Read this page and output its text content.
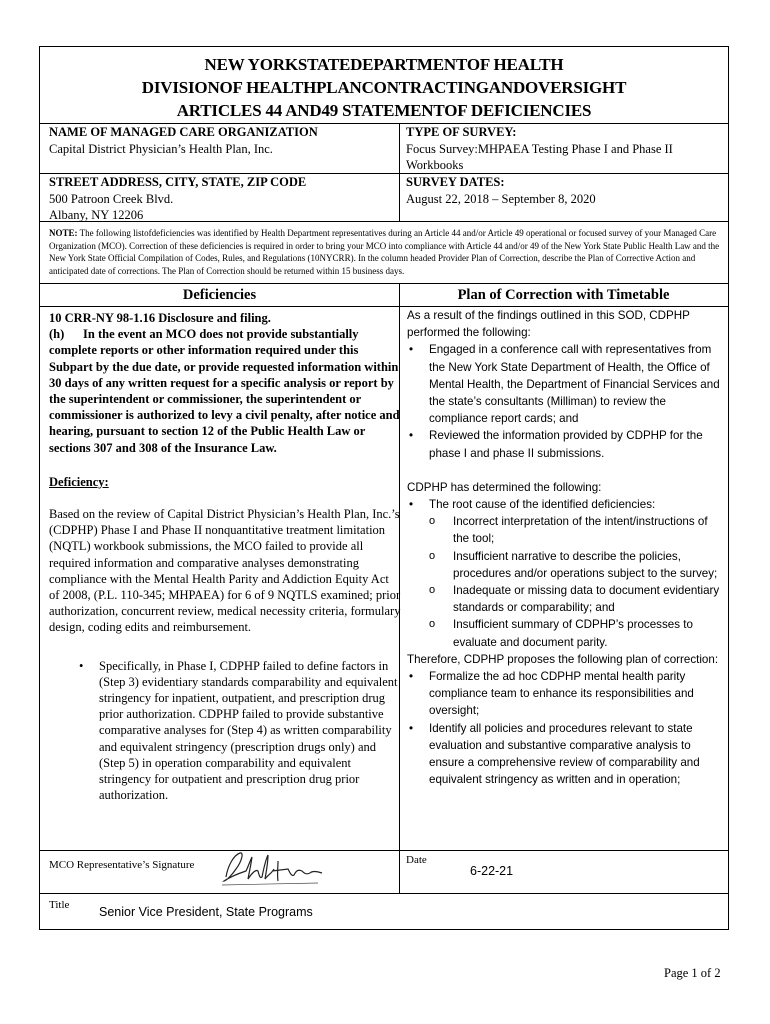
NEW YORKSTATEDEPARTMENTOF HEALTH
DIVISIONOF HEALTHPLANCONTRACTINGANDOVERSIGHT
ARTICLES 44 AND49 STATEMENTOF DEFICIENCIES
NAME OF MANAGED CARE ORGANIZATION
Capital District Physician’s Health Plan, Inc.
TYPE OF SURVEY:
Focus Survey:MHPAEA Testing Phase I and Phase II Workbooks
STREET ADDRESS, CITY, STATE, ZIP CODE
500 Patroon Creek Blvd.
Albany, NY 12206
SURVEY DATES:
August 22, 2018 – September 8, 2020
NOTE: The following listofdeficiencies was identified by Health Department representatives during an Article 44 and/or Article 49 operational or focused survey of your Managed Care Organization (MCO). Correction of these deficiencies is required in order to bring your MCO into compliance with Article 44 and/or 49 of the New York State Public Health Law and the New York State Official Compilation of Codes, Rules, and Regulations (10NYCRR). In the column headed Provider Plan of Correction, describe the Plan of Corrective Action and anticipated date of corrections. The Plan of Correction should be returned within 15 business days.
Deficiencies	Plan of Correction with Timetable

10 CRR-NY 98-1.16 Disclosure and filing.

(h) In the event an MCO does not provide substantially complete reports or other information required under this Subpart by the due date, or provide requested information within 30 days of any written request for a specific analysis or report by the superintendent or commissioner, the superintendent or commissioner is authorized to levy a civil penalty, after notice and hearing, pursuant to section 12 of the Public Health Law or sections 307 and 308 of the Insurance Law.

Deficiency:

Based on the review of Capital District Physician’s Health Plan, Inc.’s (CDPHP) Phase I and Phase II nonquantitative treatment limitation (NQTL) workbook submissions, the MCO failed to provide all required information and comparative analyses demonstrating compliance with the Mental Health Parity and Addiction Equity Act of 2008, (P.L. 110-345; MHPAEA) for 6 of 9 NQTLS examined; prior authorization, concurrent review, medical necessity criteria, formulary design, coding edits and reimbursement.

• Specifically, in Phase I, CDPHP failed to define factors in (Step 3) evidentiary standards comparability and equivalent stringency for inpatient, outpatient, and prescription drug prior authorization. CDPHP failed to provide substantive comparative analyses for (Step 4) as written comparability and equivalent stringency (prescription drugs only) and (Step 5) in operation comparability and equivalent stringency for outpatient and prescription drug prior authorization.

As a result of the findings outlined in this SOD, CDPHP performed the following:

• Engaged in a conference call with representatives from the New York State Department of Health, the Office of Mental Health, the Department of Financial Services and the state’s consultants (Milliman) to review the compliance report cards; and
• Reviewed the information provided by CDPHP for the phase I and phase II submissions.

CDPHP has determined the following:

• The root cause of the identified deficiencies:
o Incorrect interpretation of the intent/instructions of the tool;
o Insufficient narrative to describe the policies, procedures and/or operations subject to the survey;
o Inadequate or missing data to document evidentiary standards or comparability; and
o Insufficient summary of CDPHP’s processes to evaluate and document parity.

Therefore, CDPHP proposes the following plan of correction:

• Formalize the ad hoc CDPHP mental health parity compliance team to enhance its responsibilities and oversight;
• Identify all policies and procedures relevant to state evaluation and substantive comparative analysis to ensure a comprehensive review of comparability and equivalent stringency as written and in operation;
MCO Representative’s Signature	Date
6-22-21
Title Senior Vice President, State Programs
Page 1 of 2
